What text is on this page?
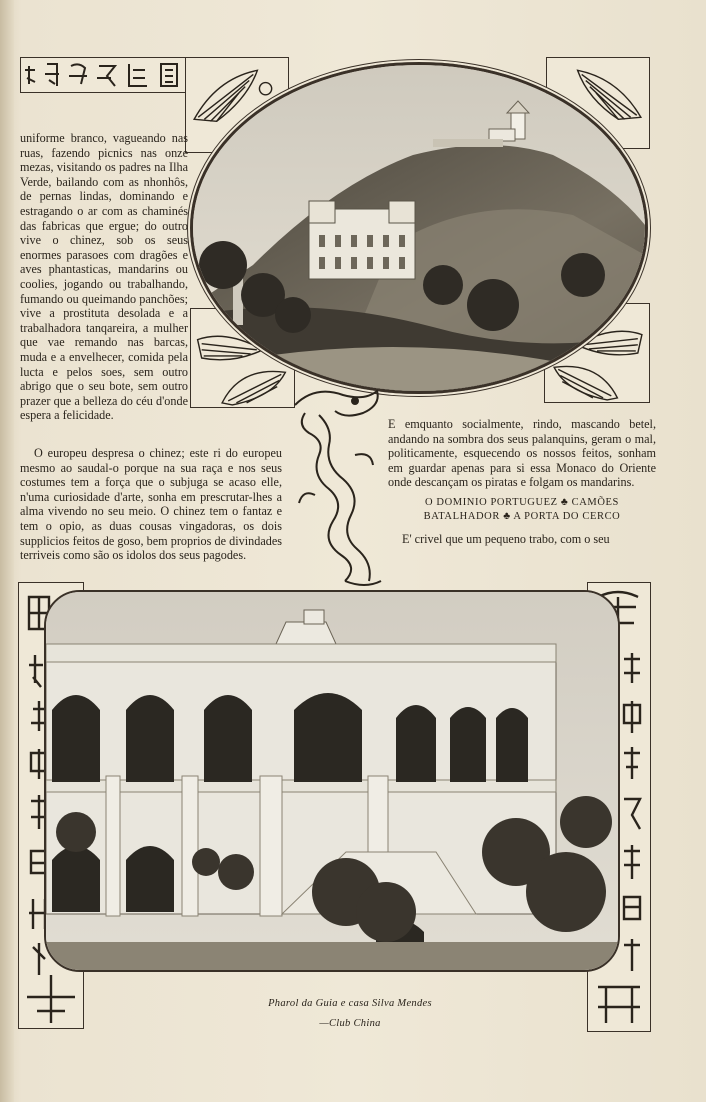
uniforme branco, vagueando nas ruas, fazendo picnics nas onze mezas, visitando os padres na Ilha Verde, bailando com as nhonhôs, de pernas lindas, dominando e estragando o ar com as chaminés das fabricas que ergue; do outro vive o chinez, sob os seus enormes parasoes com dragões e aves phantasticas, mandarins ou coolies, jogando ou trabalhando, fumando ou queimando panchões; vive a prostituta desolada e a trabalhadora tanqareira, a mulher que vae remando nas barcas, muda e a envelhecer, comida pela lucta e pelos soes, sem outro abrigo que o seu bote, sem outro prazer que a belleza do céu d'onde espera a felicidade.

O europeu despresa o chinez; este ri do europeu mesmo ao saudal-o porque na sua raça e nos seus costumes tem a força que o subjuga se acaso elle, n'uma curiosidade d'arte, sonha em prescrutar-lhes a alma vivendo no seu meio. O chinez tem o fantaz e tem o opio, as duas cousas vingadoras, os dois supplicios feitos de goso, bem proprios de divindades terriveis como são os idolos dos seus pagodes.

E emquanto socialmente, rindo, mascando betel, andando na sombra dos seus palanquins, geram o mal, politicamente, esquecendo os nossos feitos, sonham em guardar apenas para si essa Monaco do Oriente onde descançam os piratas e folgam os mandarins.

O DOMINIO PORTUGUEZ ♣ CAMÕES BATALHADOR ♣ A PORTA DO CERCO

E' crivel que um pequeno trabo, com o seu

Pharol da Guia e casa Silva Mendes
—Club China
